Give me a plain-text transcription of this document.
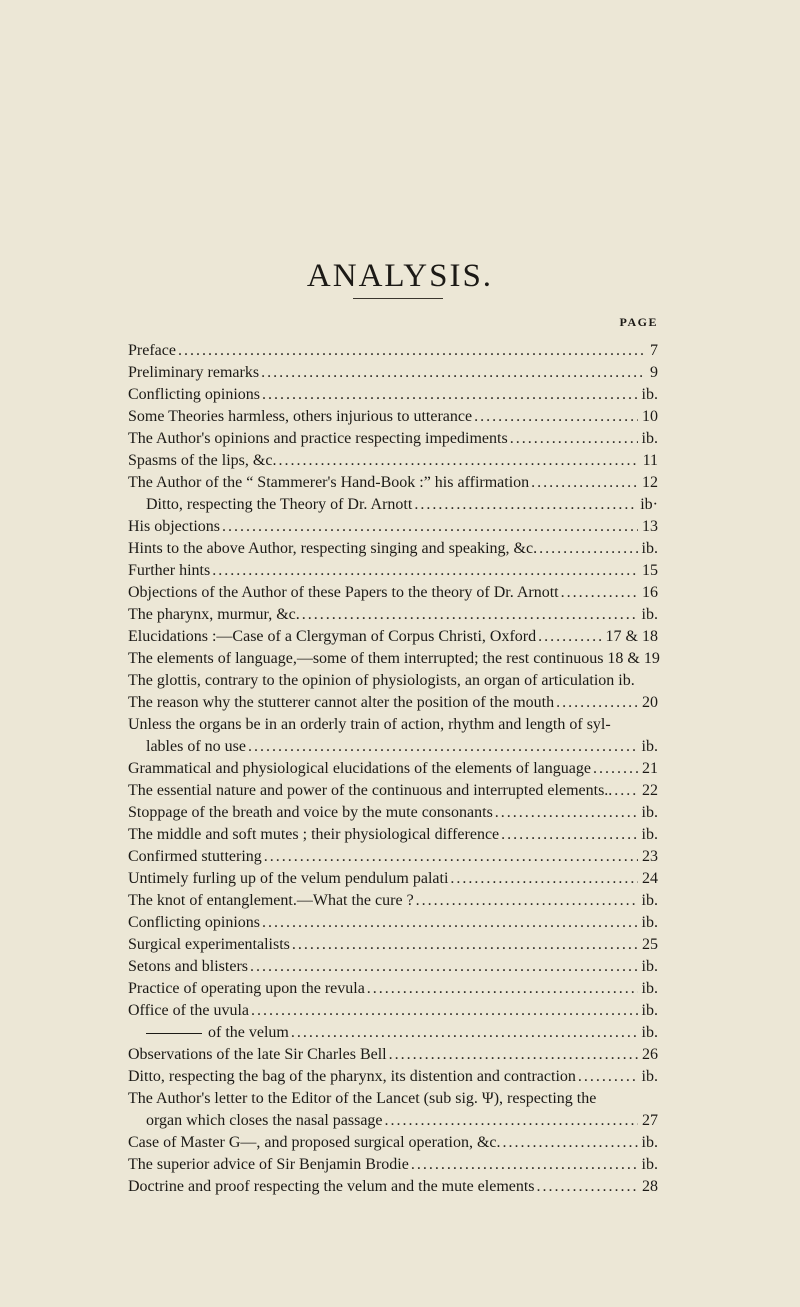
ANALYSIS.
PAGE
Preface .....	7
Preliminary remarks .....	9
Conflicting opinions .....	ib.
Some Theories harmless, others injurious to utterance .....	10
The Author's opinions and practice respecting impediments .....	ib.
Spasms of the lips, &c. .....	11
The Author of the “ Stammerer's Hand-Book :” his affirmation .....	12
Ditto, respecting the Theory of Dr. Arnott .....	ib·
His objections .....	13
Hints to the above Author, respecting singing and speaking, &c. .....	ib.
Further hints .....	15
Objections of the Author of these Papers to the theory of Dr. Arnott .....	16
The pharynx, murmur, &c. .....	ib.
Elucidations :—Case of a Clergyman of Corpus Christi, Oxford .....	17 & 18
The elements of language,—some of them interrupted; the rest continuous 18 & 19
The glottis, contrary to the opinion of physiologists, an organ of articulation ib.
The reason why the stutterer cannot alter the position of the mouth .....	20
Unless the organs be in an orderly train of action, rhythm and length of syl-
lables of no use .....	ib.
Grammatical and physiological elucidations of the elements of language .....	21
The essential nature and power of the continuous and interrupted elements.. ..... 22
Stoppage of the breath and voice by the mute consonants .....	ib.
The middle and soft mutes ; their physiological difference .....	ib.
Confirmed stuttering .....	23
Untimely furling up of the velum pendulum palati .....	24
The knot of entanglement.—What the cure ? .....	ib.
Conflicting opinions .....	ib.
Surgical experimentalists .....	25
Setons and blisters .....	ib.
Practice of operating upon the revula .....	ib.
Office of the uvula .....	ib.
of the velum .....	ib.
Observations of the late Sir Charles Bell .....	26
Ditto, respecting the bag of the pharynx, its distention and contraction .....	ib.
The Author's letter to the Editor of the Lancet (sub sig. Ψ), respecting the
organ which closes the nasal passage .....	27
Case of Master G—, and proposed surgical operation, &c. .....	ib.
The superior advice of Sir Benjamin Brodie .....	ib.
Doctrine and proof respecting the velum and the mute elements .....	28
